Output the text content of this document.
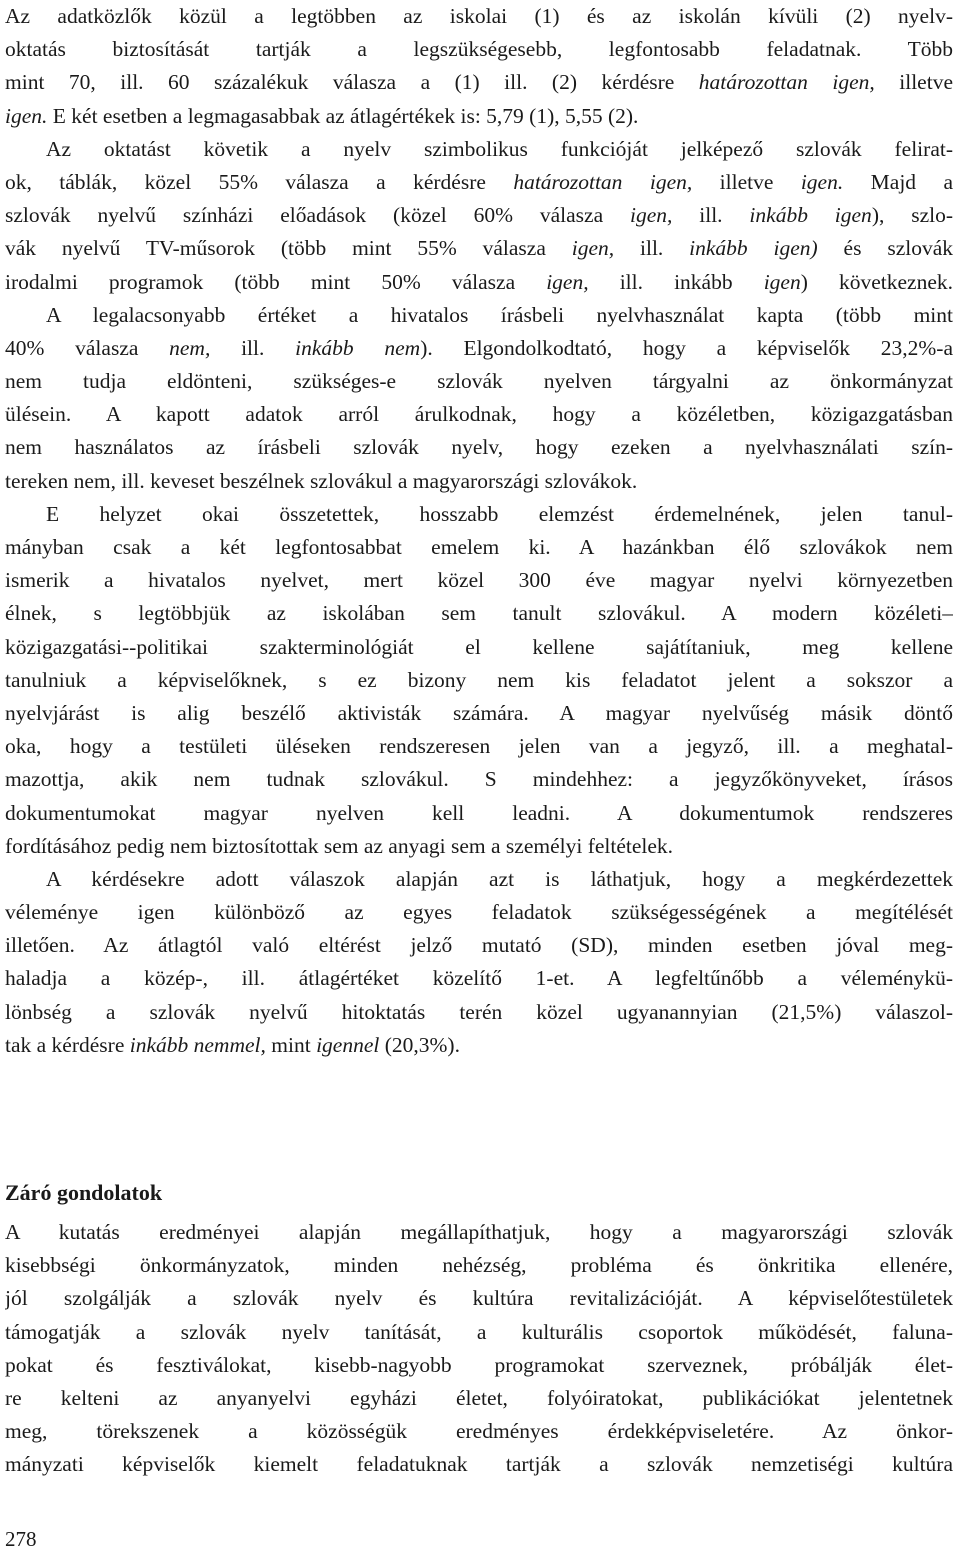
Az adatközlők közül a legtöbben az iskolai (1) és az iskolán kívüli (2) nyelv-
oktatás biztosítását tartják a legszükségesebb, legfontosabb feladatnak. Több
mint 70, ill. 60 százalékuk válasza a (1) ill. (2) kérdésre határozottan igen, illetve
igen. E két esetben a legmagasabbak az átlagértékek is: 5,79 (1), 5,55 (2).
Az oktatást követik a nyelv szimbolikus funkcióját jelképező szlovák felirat-
ok, táblák, közel 55% válasza a kérdésre határozottan igen, illetve igen. Majd a
szlovák nyelvű színházi előadások (közel 60% válasza igen, ill. inkább igen), szlo-
vák nyelvű TV-műsorok (több mint 55% válasza igen, ill. inkább igen) és szlovák
irodalmi programok (több mint 50% válasza igen, ill. inkább igen) következnek.
A legalacsonyabb értéket a hivatalos írásbeli nyelvhasználat kapta (több mint
40% válasza nem, ill. inkább nem). Elgondolkodtató, hogy a képviselők 23,2%-a
nem tudja eldönteni, szükséges-e szlovák nyelven tárgyalni az önkormányzat
ülésein. A kapott adatok arról árulkodnak, hogy a közéletben, közigazgatásban
nem használatos az írásbeli szlovák nyelv, hogy ezeken a nyelvhasználati szín-
tereken nem, ill. keveset beszélnek szlovákul a magyarországi szlovákok.
E helyzet okai összetettek, hosszabb elemzést érdemelnének, jelen tanul-
mányban csak a két legfontosabbat emelem ki. A hazánkban élő szlovákok nem
ismerik a hivatalos nyelvet, mert közel 300 éve magyar nyelvi környezetben
élnek, s legtöbbjük az iskolában sem tanult szlovákul. A modern közéleti–
közigazgatási-‑politikai szakterminológiát el kellene sajátítaniuk, meg kellene
tanulniuk a képviselőknek, s ez bizony nem kis feladatot jelent a sokszor a
nyelvjárást is alig beszélő aktivisták számára. A magyar nyelvűség másik döntő
oka, hogy a testületi üléseken rendszeresen jelen van a jegyző, ill. a meghatal-
mazottja, akik nem tudnak szlovákul. S mindehhez: a jegyzőkönyveket, írásos
dokumentumokat magyar nyelven kell leadni. A dokumentumok rendszeres
fordításához pedig nem biztosítottak sem az anyagi sem a személyi feltételek.
A kérdésekre adott válaszok alapján azt is láthatjuk, hogy a megkérdezettek
véleménye igen különböző az egyes feladatok szükségességének a megítélését
illetően. Az átlagtól való eltérést jelző mutató (SD), minden esetben jóval meg-
haladja a közép-, ill. átlagértéket közelítő 1-et. A legfeltűnőbb a véleménykü-
lönbség a szlovák nyelvű hitoktatás terén közel ugyanannyian (21,5%) válaszol-
tak a kérdésre inkább nemmel, mint igennel (20,3%).
Záró gondolatok
A kutatás eredményei alapján megállapíthatjuk, hogy a magyarországi szlovák
kisebbségi önkormányzatok, minden nehézség, probléma és önkritika ellenére,
jól szolgálják a szlovák nyelv és kultúra revitalizációját. A képviselőtestületek
támogatják a szlovák nyelv tanítását, a kulturális csoportok működését, faluna-
pokat és fesztiválokat, kisebb-nagyobb programokat szerveznek, próbálják élet-
re kelteni az anyanyelvi egyházi életet, folyóiratokat, publikációkat jelentetnek
meg, törekszenek a közösségük eredményes érdekképviseletére. Az önkor-
mányzati képviselők kiemelt feladatuknak tartják a szlovák nemzetiségi kultúra
278
